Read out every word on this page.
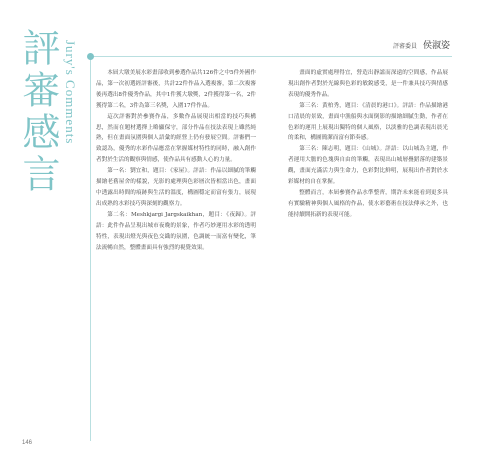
評審感言 Jury's Comments	評審委員 侯淑姿

本屆大墩美展水彩畫部收到參選作品共126件之中5件外國作品，第一次初選經評審後，共計22件作品入選複審，第二次複審後再選出8件優秀作品，其中1件獲大墩獎，2件獲得第一名，2件獲得第二名，3件為第三名獎，入圍17件作品。

這次評審對於參賽作品，多數作品展現出相當的技巧與構思，然而在題材選擇上略顯保守，部分作品在技法表現上雖然純熟，但在畫面氛圍與個人語彙的經營上仍有發展空間。評審們一致認為，優秀的水彩作品應當在掌握媒材特性的同時，融入創作者對於生活的觀察與情感，使作品具有感動人心的力量。

第一名：劉宜和，題目：《家屋》。評語：作品以細膩的筆觸描繪老舊屋舍的樣貌，光影的處理與色彩層次皆相當出色，畫面中透露出時間的痕跡與生活的溫度，構圖穩定而富有張力，展現出成熟的水彩技巧與深刻的觀察力。

第二名：Meshkjargi Jargskaikhan，題目：《夜歸》。評語：此件作品呈現出城市夜晚的景象，作者巧妙運用水彩的透明特性，表現出燈光與夜色交織的氛圍，色調統一而富有變化，筆法流暢自然，整體畫面具有強烈的視覺效果。

畫面的虛實處理得宜，營造出靜謐而深遠的空間感，作品展現出創作者對於光線與色彩的敏銳感受，是一件兼具技巧與情感表現的優秀作品。

第三名：黃柏秀，題目：《清晨的港口》。評語：作品描繪港口清晨的景致，畫面中漁船與水面倒影的描繪細膩生動，作者在色彩的運用上展現出獨特的個人風格，以淡雅的色調表現出晨光的柔和，構圖簡潔而富有節奏感。

第三名：陳志明，題目：《山城》。評語：以山城為主題，作者運用大膽的色塊與自由的筆觸，表現出山城層疊錯落的建築景觀，畫面充滿活力與生命力，色彩對比鮮明，展現出作者對於水彩媒材的自在掌握。

整體而言，本屆參賽作品水準整齊，期許未來能看到更多具有實驗精神與個人風格的作品，使水彩藝術在技法傳承之外，也能持續開拓新的表現可能。

146
